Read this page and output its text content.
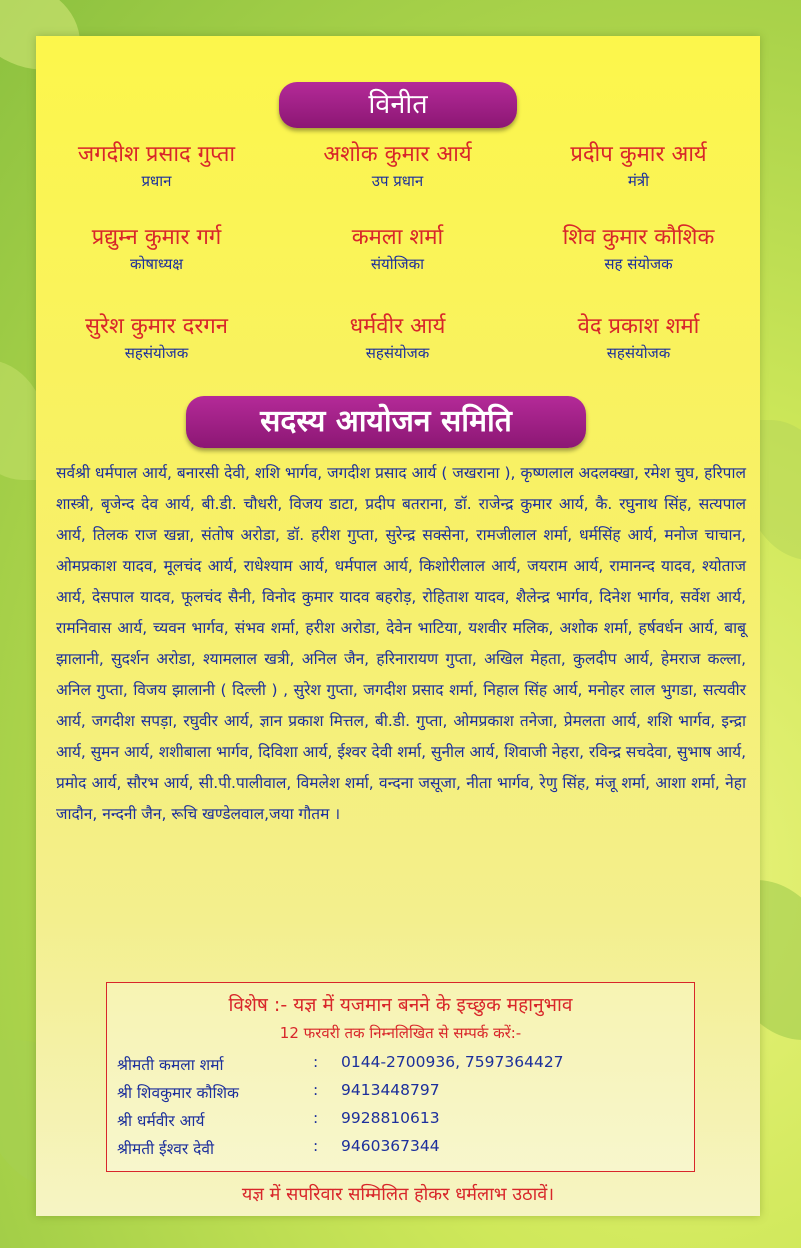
विनीत
जगदीश प्रसाद गुप्ता
प्रधान
अशोक कुमार आर्य
उप प्रधान
प्रदीप कुमार आर्य
मंत्री
प्रद्युम्न कुमार गर्ग
कोषाध्यक्ष
कमला शर्मा
संयोजिका
शिव कुमार कौशिक
सह संयोजक
सुरेश कुमार दरगन
सहसंयोजक
धर्मवीर आर्य
सहसंयोजक
वेद प्रकाश शर्मा
सहसंयोजक
सदस्य आयोजन समिति
सर्वश्री धर्मपाल आर्य, बनारसी देवी, शशि भार्गव, जगदीश प्रसाद आर्य ( जखराना ), कृष्णलाल अदलक्खा, रमेश चुघ, हरिपाल शास्त्री, बृजेन्द देव आर्य, बी.डी. चौधरी, विजय डाटा, प्रदीप बतराना, डॉ. राजेन्द्र कुमार आर्य, कै. रघुनाथ सिंह, सत्यपाल आर्य, तिलक राज खन्ना, संतोष अरोडा, डॉ. हरीश गुप्ता, सुरेन्द्र सक्सेना, रामजीलाल शर्मा, धर्मसिंह आर्य, मनोज चाचान, ओमप्रकाश यादव, मूलचंद आर्य, राधेश्याम आर्य, धर्मपाल आर्य, किशोरीलाल आर्य, जयराम आर्य, रामानन्द यादव, श्योताज आर्य, देसपाल यादव, फूलचंद सैनी, विनोद कुमार यादव बहरोड़, रोहिताश यादव, शैलेन्द्र भार्गव, दिनेश भार्गव, सर्वेश आर्य, रामनिवास आर्य, च्यवन भार्गव, संभव शर्मा, हरीश अरोडा, देवेन भाटिया, यशवीर मलिक, अशोक शर्मा, हर्षवर्धन आर्य, बाबू झालानी, सुदर्शन अरोडा, श्यामलाल खत्री, अनिल जैन, हरिनारायण गुप्ता, अखिल मेहता, कुलदीप आर्य, हेमराज कल्ला, अनिल गुप्ता, विजय झालानी ( दिल्ली ) , सुरेश गुप्ता, जगदीश प्रसाद शर्मा, निहाल सिंह आर्य, मनोहर लाल भुगडा, सत्यवीर आर्य, जगदीश सपड़ा, रघुवीर आर्य, ज्ञान प्रकाश मित्तल, बी.डी. गुप्ता, ओमप्रकाश तनेजा, प्रेमलता आर्य, शशि भार्गव, इन्द्रा आर्य, सुमन आर्य, शशीबाला भार्गव, दिविशा आर्य, ईश्वर देवी शर्मा, सुनील आर्य, शिवाजी नेहरा, रविन्द्र सचदेवा, सुभाष आर्य, प्रमोद आर्य, सौरभ आर्य, सी.पी.पालीवाल, विमलेश शर्मा, वन्दना जसूजा, नीता भार्गव, रेणु सिंह, मंजू शर्मा, आशा शर्मा, नेहा जादौन, नन्दनी जैन, रूचि खण्डेलवाल,जया गौतम ।
विशेष :- यज्ञ में यजमान बनने के इच्छुक महानुभाव
12 फरवरी तक निम्नलिखित से सम्पर्क करें:-
श्रीमती कमला शर्मा	: 0144-2700936, 7597364427
श्री शिवकुमार कौशिक	: 9413448797
श्री धर्मवीर आर्य	: 9928810613
श्रीमती ईश्वर देवी	: 9460367344
यज्ञ में सपरिवार सम्मिलित होकर धर्मलाभ उठावें।
